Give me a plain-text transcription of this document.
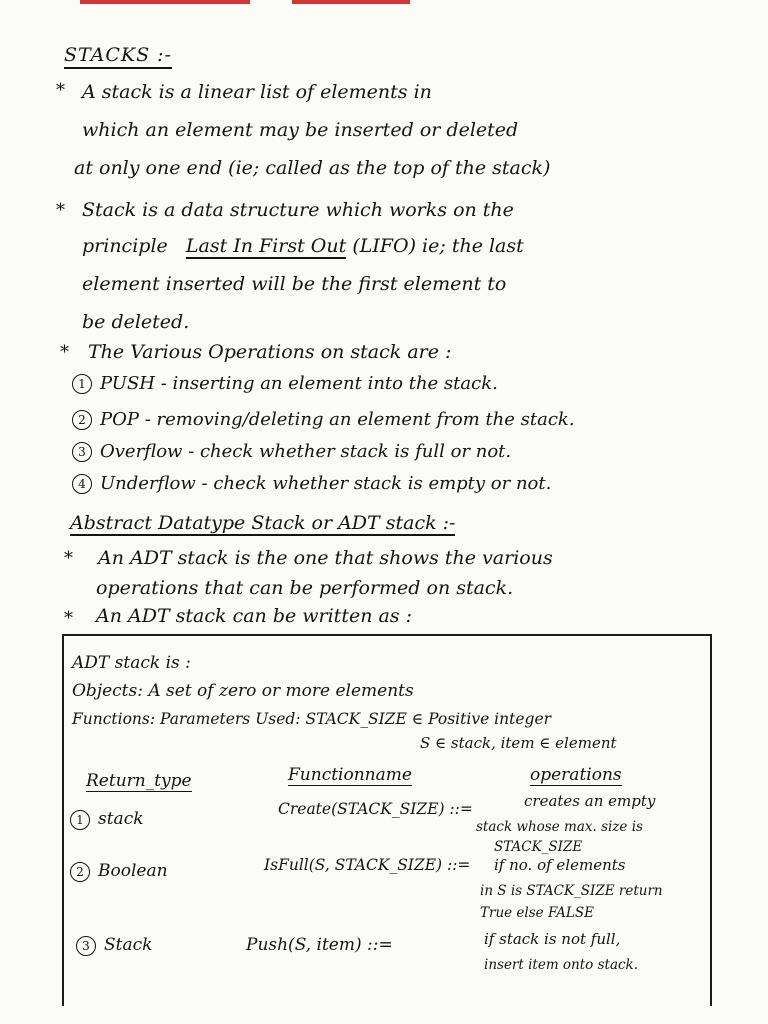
STACKS :-
* A stack is a linear list of elements in
which an element may be inserted or deleted
at only one end (ie; called as the top of the stack)
* Stack is a data structure which works on the
principle Last In First Out (LIFO) ie; the last
element inserted will be the first element to
be deleted.
* The Various Operations on stack are :
1 PUSH - inserting an element into the stack.
2 POP - removing/deleting an element from the stack.
3 Overflow - check whether stack is full or not.
4 Underflow - check whether stack is empty or not.
Abstract Datatype Stack or ADT stack :-
* An ADT stack is the one that shows the various
operations that can be performed on stack.
* An ADT stack can be written as :
ADT stack is :
Objects: A set of zero or more elements
Functions: Parameters Used: STACK_SIZE ∈ Positive integer
S ∈ stack, item ∈ element
Return_type	Functionname	operations
1 stack	Create(STACK_SIZE) ::=	creates an empty
stack whose max. size is
STACK_SIZE
2 Boolean	IsFull(S, STACK_SIZE) ::= if no. of elements
in S is STACK_SIZE return
True else FALSE
3 Stack	Push(S, item) ::=	if stack is not full,
insert item onto stack.
